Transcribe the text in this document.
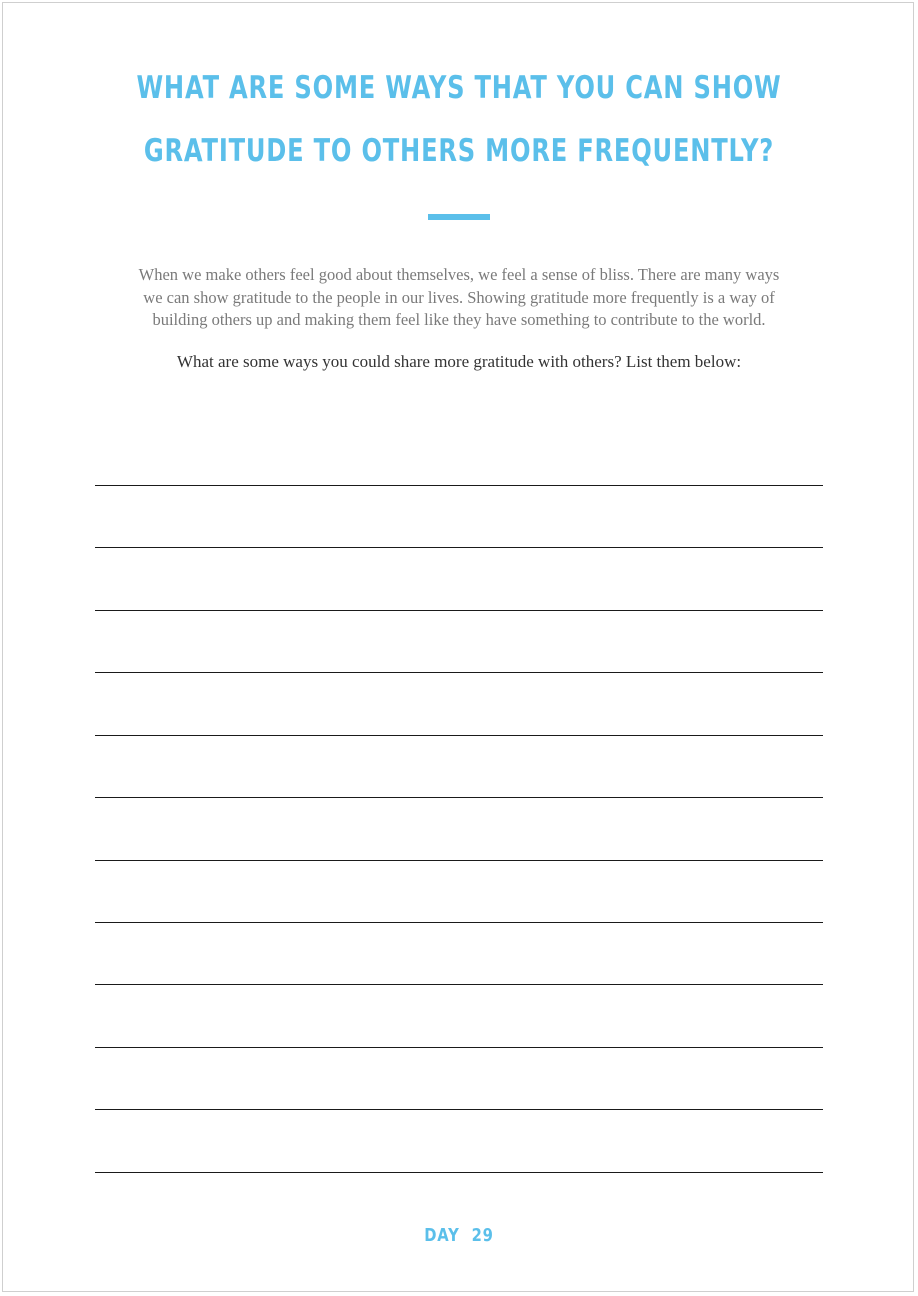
WHAT ARE SOME WAYS THAT YOU CAN SHOW
GRATITUDE TO OTHERS MORE FREQUENTLY?

When we make others feel good about themselves, we feel a sense of bliss. There are many ways
we can show gratitude to the people in our lives. Showing gratitude more frequently is a way of
building others up and making them feel like they have something to contribute to the world.

What are some ways you could share more gratitude with others? List them below:

DAY  29
